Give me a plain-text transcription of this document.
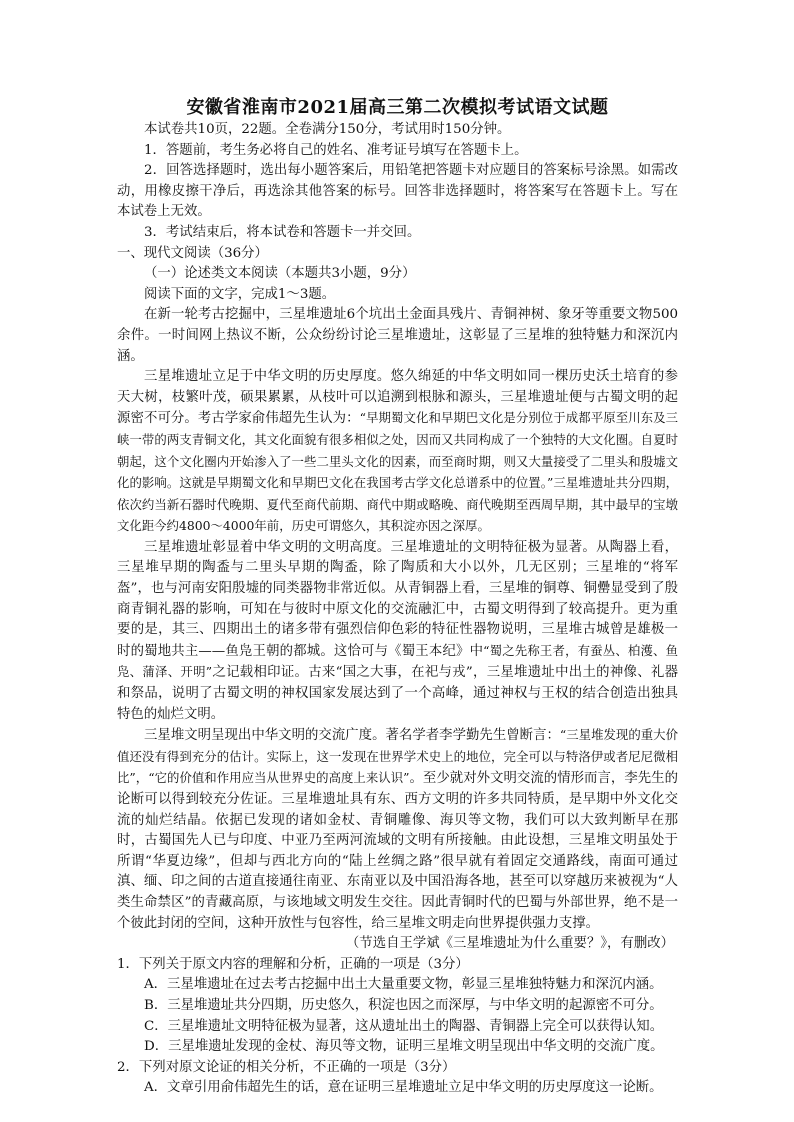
安徽省淮南市2021届高三第二次模拟考试语文试题

本试卷共10页，22题。全卷满分150分，考试用时150分钟。

1．答题前，考生务必将自己的姓名、准考证号填写在答题卡上。

2．回答选择题时，选出每小题答案后，用铅笔把答题卡对应题目的答案标号涂黑。如需改动，用橡皮擦干净后，再选涂其他答案的标号。回答非选择题时，将答案写在答题卡上。写在本试卷上无效。

3．考试结束后，将本试卷和答题卡一并交回。

一、现代文阅读（36分）

（一）论述类文本阅读（本题共3小题，9分）

阅读下面的文字，完成1～3题。

在新一轮考古挖掘中，三星堆遗址6个坑出土金面具残片、青铜神树、象牙等重要文物500余件。一时间网上热议不断，公众纷纷讨论三星堆遗址，这彰显了三星堆的独特魅力和深沉内涵。

三星堆遗址立足于中华文明的历史厚度。悠久绵延的中华文明如同一棵历史沃土培育的参天大树，枝繁叶茂，硕果累累，从枝叶可以追溯到根脉和源头，三星堆遗址便与古蜀文明的起源密不可分。考古学家俞伟超先生认为：“早期蜀文化和早期巴文化是分别位于成都平原至川东及三峡一带的两支青铜文化，其文化面貌有很多相似之处，因而又共同构成了一个独特的大文化圈。自夏时朝起，这个文化圈内开始渗入了一些二里头文化的因素，而至商时期，则又大量接受了二里头和殷墟文化的影响。这就是早期蜀文化和早期巴文化在我国考古学文化总谱系中的位置。”三星堆遗址共分四期，依次约当新石器时代晚期、夏代至商代前期、商代中期或略晚、商代晚期至西周早期，其中最早的宝墩文化距今约4800～4000年前，历史可谓悠久，其积淀亦因之深厚。

三星堆遗址彰显着中华文明的文明高度。三星堆遗址的文明特征极为显著。从陶器上看，三星堆早期的陶盉与二里头早期的陶盉，除了陶质和大小以外，几无区别；三星堆的“将军盔”，也与河南安阳殷墟的同类器物非常近似。从青铜器上看，三星堆的铜尊、铜罍显受到了殷商青铜礼器的影响，可知在与彼时中原文化的交流融汇中，古蜀文明得到了较高提升。更为重要的是，其三、四期出土的诸多带有强烈信仰色彩的特征性器物说明，三星堆古城曾是雄极一时的蜀地共主——鱼凫王朝的都城。这恰可与《蜀王本纪》中“蜀之先称王者，有蚕丛、柏濩、鱼凫、蒲泽、开明”之记载相印证。古来“国之大事，在祀与戎”，三星堆遗址中出土的神像、礼器和祭品，说明了古蜀文明的神权国家发展达到了一个高峰，通过神权与王权的结合创造出独具特色的灿烂文明。

三星堆文明呈现出中华文明的交流广度。著名学者李学勤先生曾断言：“三星堆发现的重大价值还没有得到充分的估计。实际上，这一发现在世界学术史上的地位，完全可以与特洛伊或者尼尼微相比”，“它的价值和作用应当从世界史的高度上来认识”。至少就对外文明交流的情形而言，李先生的论断可以得到较充分佐证。三星堆遗址具有东、西方文明的许多共同特质，是早期中外文化交流的灿烂结晶。依据已发现的诸如金杖、青铜雕像、海贝等文物，我们可以大致判断早在那时，古蜀国先人已与印度、中亚乃至两河流域的文明有所接触。由此设想，三星堆文明虽处于所谓“华夏边缘”，但却与西北方向的“陆上丝绸之路”很早就有着固定交通路线，南面可通过滇、缅、印之间的古道直接通往南亚、东南亚以及中国沿海各地，甚至可以穿越历来被视为“人类生命禁区”的青藏高原，与该地域文明发生交往。因此青铜时代的巴蜀与外部世界，绝不是一个彼此封闭的空间，这种开放性与包容性，给三星堆文明走向世界提供强力支撑。

（节选自王学斌《三星堆遗址为什么重要？》，有删改）

1．下列关于原文内容的理解和分析，正确的一项是（3分）

A．三星堆遗址在过去考古挖掘中出土大量重要文物，彰显三星堆独特魅力和深沉内涵。

B．三星堆遗址共分四期，历史悠久，积淀也因之而深厚，与中华文明的起源密不可分。

C．三星堆遗址文明特征极为显著，这从遗址出土的陶器、青铜器上完全可以获得认知。

D．三星堆遗址发现的金杖、海贝等文物，证明三星堆文明呈现出中华文明的交流广度。

2．下列对原文论证的相关分析，不正确的一项是（3分）

A．文章引用俞伟超先生的话，意在证明三星堆遗址立足中华文明的历史厚度这一论断。
